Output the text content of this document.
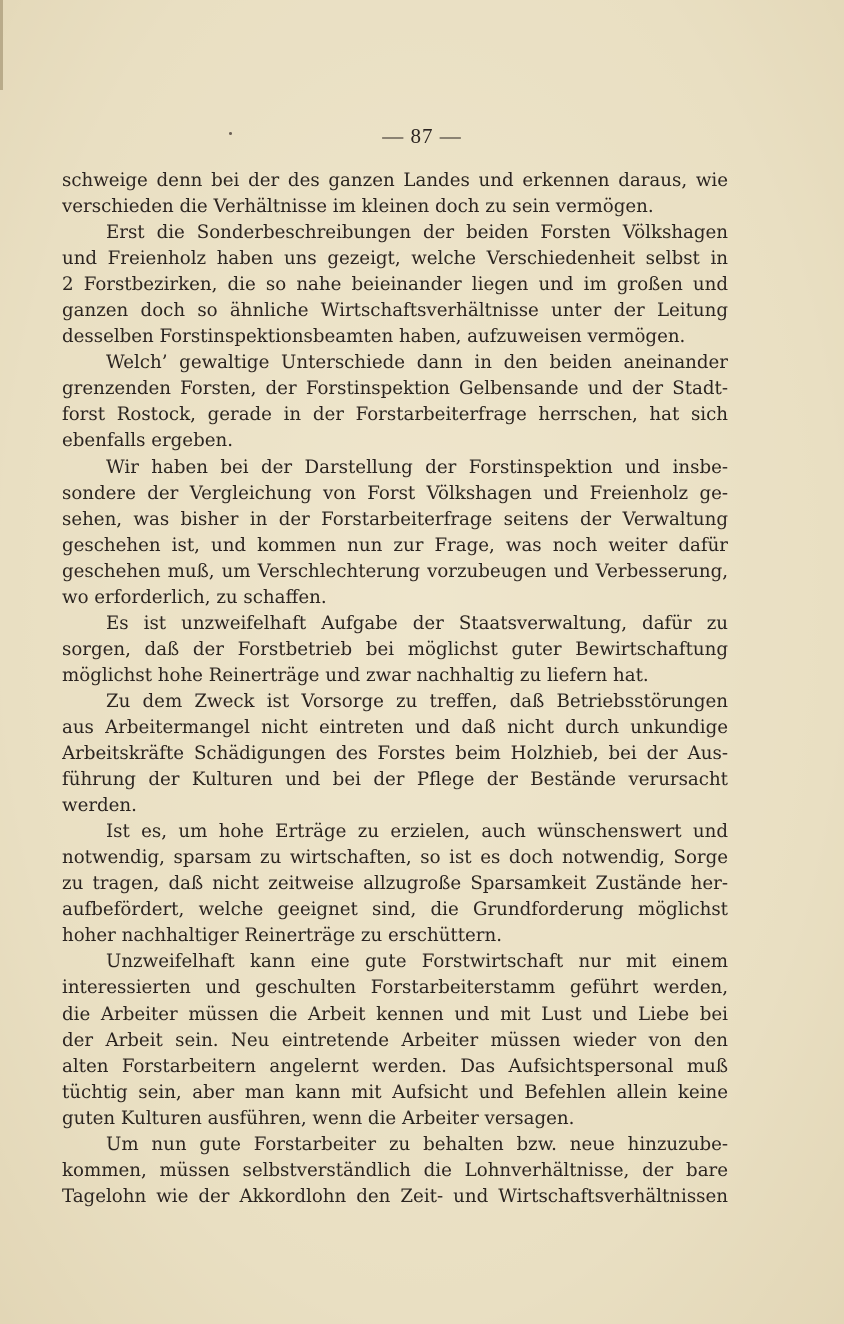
— 87 —
schweige denn bei der des ganzen Landes und erkennen daraus, wie
verschieden die Verhältnisse im kleinen doch zu sein vermögen.
Erst die Sonderbeschreibungen der beiden Forsten Völkshagen
und Freienholz haben uns gezeigt, welche Verschiedenheit selbst in
2 Forstbezirken, die so nahe beieinander liegen und im großen und
ganzen doch so ähnliche Wirtschaftsverhältnisse unter der Leitung
desselben Forstinspektionsbeamten haben, aufzuweisen vermögen.
Welch’ gewaltige Unterschiede dann in den beiden aneinander
grenzenden Forsten, der Forstinspektion Gelbensande und der Stadt-
forst Rostock, gerade in der Forstarbeiterfrage herrschen, hat sich
ebenfalls ergeben.
Wir haben bei der Darstellung der Forstinspektion und insbe-
sondere der Vergleichung von Forst Völkshagen und Freienholz ge-
sehen, was bisher in der Forstarbeiterfrage seitens der Verwaltung
geschehen ist, und kommen nun zur Frage, was noch weiter dafür
geschehen muß, um Verschlechterung vorzubeugen und Verbesserung,
wo erforderlich, zu schaffen.
Es ist unzweifelhaft Aufgabe der Staatsverwaltung, dafür zu
sorgen, daß der Forstbetrieb bei möglichst guter Bewirtschaftung
möglichst hohe Reinerträge und zwar nachhaltig zu liefern hat.
Zu dem Zweck ist Vorsorge zu treffen, daß Betriebsstörungen
aus Arbeitermangel nicht eintreten und daß nicht durch unkundige
Arbeitskräfte Schädigungen des Forstes beim Holzhieb, bei der Aus-
führung der Kulturen und bei der Pflege der Bestände verursacht
werden.
Ist es, um hohe Erträge zu erzielen, auch wünschenswert und
notwendig, sparsam zu wirtschaften, so ist es doch notwendig, Sorge
zu tragen, daß nicht zeitweise allzugroße Sparsamkeit Zustände her-
aufbefördert, welche geeignet sind, die Grundforderung möglichst
hoher nachhaltiger Reinerträge zu erschüttern.
Unzweifelhaft kann eine gute Forstwirtschaft nur mit einem
interessierten und geschulten Forstarbeiterstamm geführt werden,
die Arbeiter müssen die Arbeit kennen und mit Lust und Liebe bei
der Arbeit sein. Neu eintretende Arbeiter müssen wieder von den
alten Forstarbeitern angelernt werden. Das Aufsichtspersonal muß
tüchtig sein, aber man kann mit Aufsicht und Befehlen allein keine
guten Kulturen ausführen, wenn die Arbeiter versagen.
Um nun gute Forstarbeiter zu behalten bzw. neue hinzuzube-
kommen, müssen selbstverständlich die Lohnverhältnisse, der bare
Tagelohn wie der Akkordlohn den Zeit- und Wirtschaftsverhältnissen
